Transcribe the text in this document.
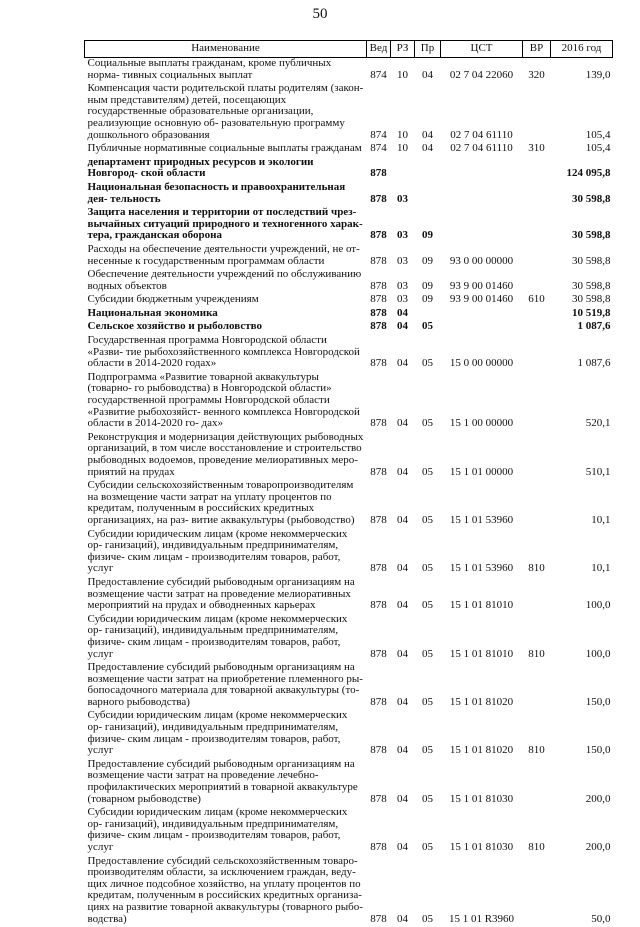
50
Наименование	Вед	РЗ	Пр	ЦСТ	ВР	2016 год
Социальные выплаты гражданам, кроме публичных норма- тивных социальных выплат	874	10	04	02 7 04 22060	320	139,0
Компенсация части родительской платы родителям (закон- ным представителям) детей, посещающих государственные образовательные организации, реализующие основную об- разовательную программу дошкольного образования	874	10	04	02 7 04 61110		105,4
Публичные нормативные социальные выплаты гражданам	874	10	04	02 7 04 61110	310	105,4
департамент природных ресурсов и экологии Новгород- ской области	878					124 095,8
Национальная безопасность и правоохранительная дея- тельность	878	03				30 598,8
Защита населения и территории от последствий чрез- вычайных ситуаций природного и техногенного харак- тера, гражданская оборона	878	03	09			30 598,8
Расходы на обеспечение деятельности учреждений, не от- несенные к государственным программам области	878	03	09	93 0 00 00000		30 598,8
Обеспечение деятельности учреждений по обслуживанию водных объектов	878	03	09	93 9 00 01460		30 598,8
Субсидии бюджетным учреждениям	878	03	09	93 9 00 01460	610	30 598,8
Национальная экономика	878	04				10 519,8
Сельское хозяйство и рыболовство	878	04	05			1 087,6
Государственная программа Новгородской области «Разви- тие рыбохозяйственного комплекса Новгородской области в 2014-2020 годах»	878	04	05	15 0 00 00000		1 087,6
Подпрограмма «Развитие товарной аквакультуры (товарно- го рыбоводства) в Новгородской области» государственной программы Новгородской области «Развитие рыбохозяйст- венного комплекса Новгородской области в 2014-2020 го- дах»	878	04	05	15 1 00 00000		520,1
Реконструкция и модернизация действующих рыбоводных организаций, в том числе восстановление и строительство рыбоводных водоемов, проведение мелиоративных меро- приятий на прудах	878	04	05	15 1 01 00000		510,1
Субсидии сельскохозяйственным товаропроизводителям на возмещение части затрат на уплату процентов по кредитам, полученным в российских кредитных организациях, на раз- витие аквакультуры (рыбоводство)	878	04	05	15 1 01 53960		10,1
Субсидии юридическим лицам (кроме некоммерческих ор- ганизаций), индивидуальным предпринимателям, физиче- ским лицам - производителям товаров, работ, услуг	878	04	05	15 1 01 53960	810	10,1
Предоставление субсидий рыбоводным организациям на возмещение части затрат на проведение мелиоративных мероприятий на прудах и обводненных карьерах	878	04	05	15 1 01 81010		100,0
Субсидии юридическим лицам (кроме некоммерческих ор- ганизаций), индивидуальным предпринимателям, физиче- ским лицам - производителям товаров, работ, услуг	878	04	05	15 1 01 81010	810	100,0
Предоставление субсидий рыбоводным организациям на возмещение части затрат на приобретение племенного ры- бопосадочного материала для товарной аквакультуры (то- варного рыбоводства)	878	04	05	15 1 01 81020		150,0
Субсидии юридическим лицам (кроме некоммерческих ор- ганизаций), индивидуальным предпринимателям, физиче- ским лицам - производителям товаров, работ, услуг	878	04	05	15 1 01 81020	810	150,0
Предоставление субсидий рыбоводным организациям на возмещение части затрат на проведение лечебно- профилактических мероприятий в товарной аквакультуре (товарном рыбоводстве)	878	04	05	15 1 01 81030		200,0
Субсидии юридическим лицам (кроме некоммерческих ор- ганизаций), индивидуальным предпринимателям, физиче- ским лицам - производителям товаров, работ, услуг	878	04	05	15 1 01 81030	810	200,0
Предоставление субсидий сельскохозяйственным товаро- производителям области, за исключением граждан, веду- щих личное подсобное хозяйство, на уплату процентов по кредитам, полученным в российских кредитных организа- циях на развитие товарной аквакультуры (товарного рыбо- водства)	878	04	05	15 1 01 R3960		50,0
